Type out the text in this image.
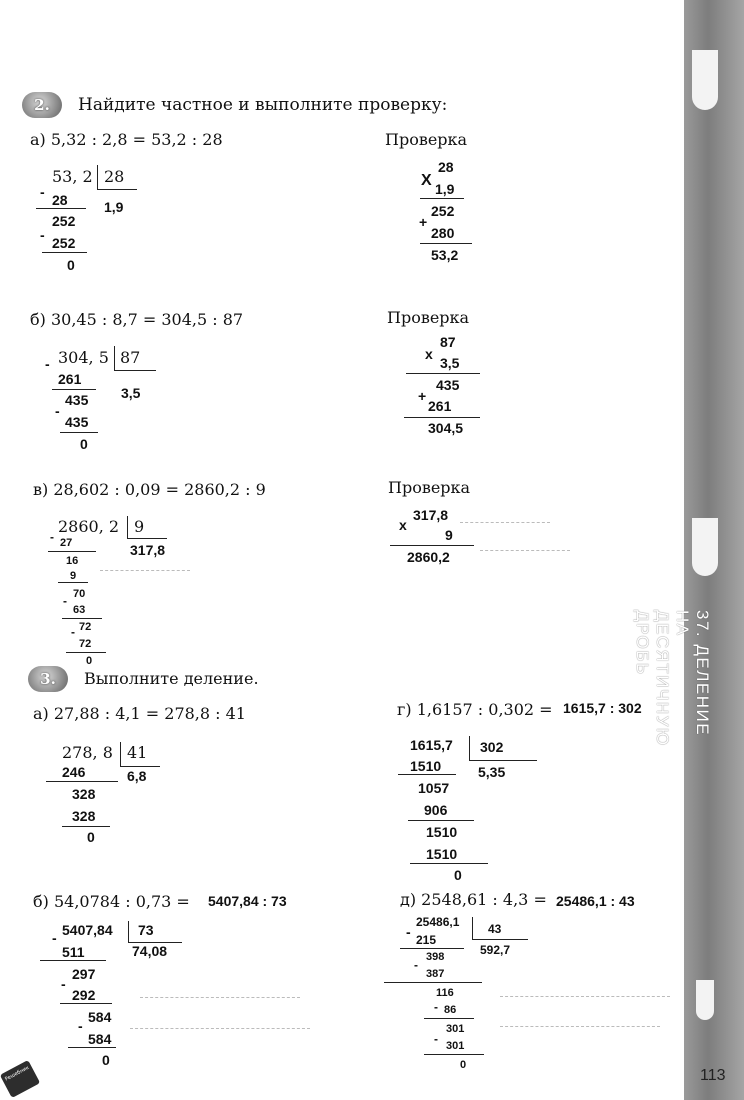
37. ДЕЛЕНИЕ НА ДЕСЯТИЧНУЮ ДРОБЬ
2.	Найдите частное и выполните проверку:
а) 5,32 : 2,8 = 53,2 : 28	Проверка
53, 2 28
1,9
- 28
252
- 252
0
28
X 1,9
252
+
280
53,2
б) 30,45 : 8,7 = 304,5 : 87	Проверка
304, 5 87
3,5
-
261
435
-
435
0
87
x
3,5
435
+
261
304,5
в) 28,602 : 0,09 = 2860,2 : 9	Проверка
2860, 2 9
317,8
- 27
16
9
70
-
63
- 72
72
0
317,8
x
9
2860,2
3.	Выполните деление.
а) 27,88 : 4,1 = 278,8 : 41
278, 8 41
6,8
246
328
328
0
г) 1,6157 : 0,302 = 1615,7 : 302
1615,7 302
5,35
1510
1057
906
1510
1510
0
б) 54,0784 : 0,73 = 5407,84 : 73
- 5407,84 73
74,08
511
297
-
292
584
-
584
0
д) 2548,61 : 4,3 = 25486,1 : 43
-
25486,1 43
592,7
215
398
-
387
116
- 86
301
- 301
0
Решебник	113
